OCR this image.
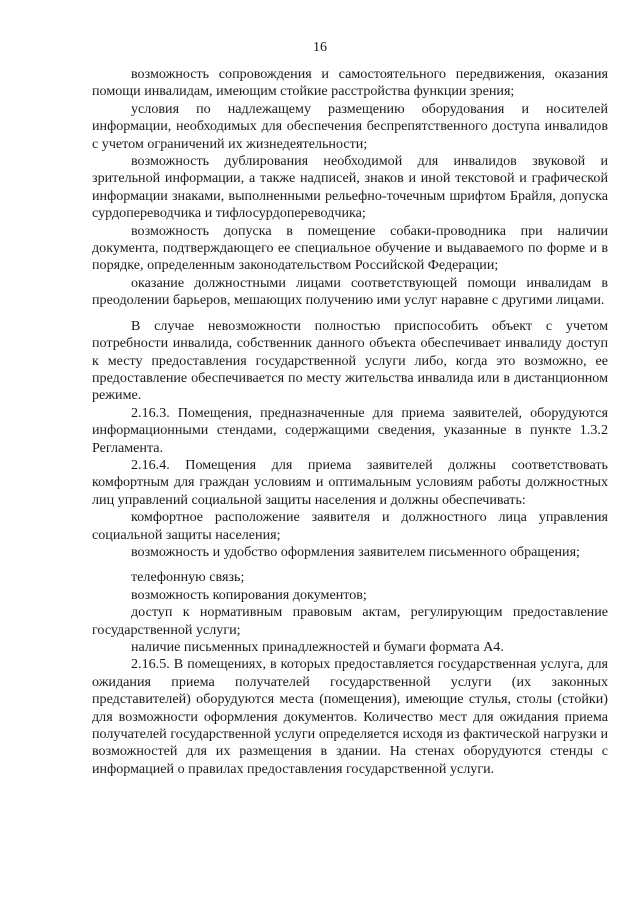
16

возможность сопровождения и самостоятельного передвижения, оказания помощи инвалидам, имеющим стойкие расстройства функции зрения;

условия по надлежащему размещению оборудования и носителей информации, необходимых для обеспечения беспрепятственного доступа инвалидов с учетом ограничений их жизнедеятельности;

возможность дублирования необходимой для инвалидов звуковой и зрительной информации, а также надписей, знаков и иной текстовой и графической информации знаками, выполненными рельефно-точечным шрифтом Брайля, допуска сурдопереводчика и тифлосурдопереводчика;

возможность допуска в помещение собаки-проводника при наличии документа, подтверждающего ее специальное обучение и выдаваемого по форме и в порядке, определенным законодательством Российской Федерации;

оказание должностными лицами соответствующей помощи инвалидам в преодолении барьеров, мешающих получению ими услуг наравне с другими лицами.

В случае невозможности полностью приспособить объект с учетом потребности инвалида, собственник данного объекта обеспечивает инвалиду доступ к месту предоставления государственной услуги либо, когда это возможно, ее предоставление обеспечивается по месту жительства инвалида или в дистанционном режиме.

2.16.3. Помещения, предназначенные для приема заявителей, оборудуются информационными стендами, содержащими сведения, указанные в пункте 1.3.2 Регламента.

2.16.4. Помещения для приема заявителей должны соответствовать комфортным для граждан условиям и оптимальным условиям работы должностных лиц управлений социальной защиты населения и должны обеспечивать:

комфортное расположение заявителя и должностного лица управления социальной защиты населения;

возможность и удобство оформления заявителем письменного обращения;

телефонную связь;

возможность копирования документов;

доступ к нормативным правовым актам, регулирующим предоставление государственной услуги;

наличие письменных принадлежностей и бумаги формата А4.

2.16.5. В помещениях, в которых предоставляется государственная услуга, для ожидания приема получателей государственной услуги (их законных представителей) оборудуются места (помещения), имеющие стулья, столы (стойки) для возможности оформления документов. Количество мест для ожидания приема получателей государственной услуги определяется исходя из фактической нагрузки и возможностей для их размещения в здании. На стенах оборудуются стенды с информацией о правилах предоставления государственной услуги.
